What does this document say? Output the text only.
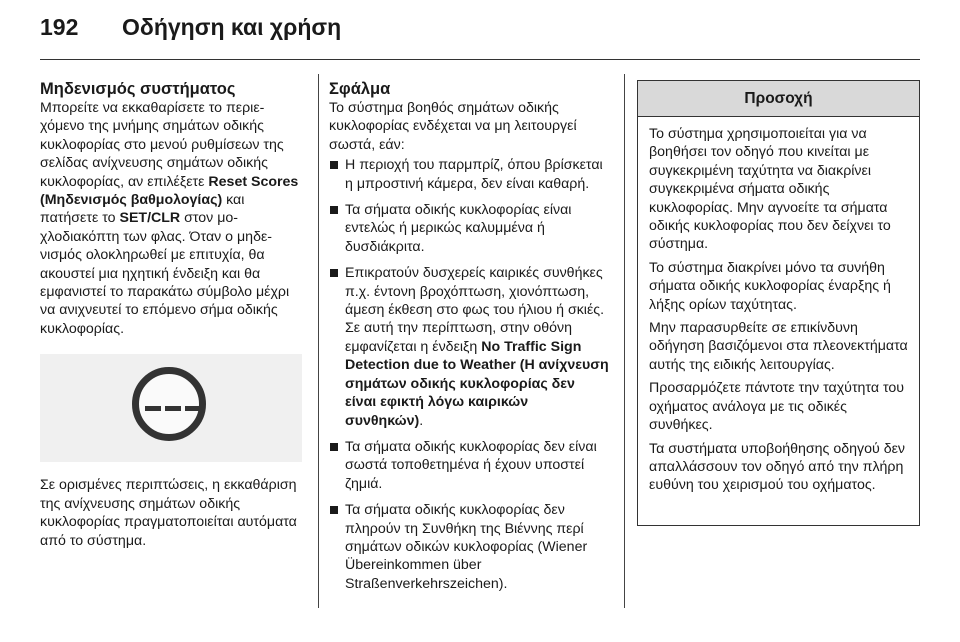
192 Οδήγηση και χρήση
Μηδενισμός συστήματος

Μπορείτε να εκκαθαρίσετε το περιεχόμενο της μνήμης σημάτων οδικής κυκλοφορίας στο μενού ρυθμίσεων της σελίδας ανίχνευσης σημάτων οδικής κυκλοφορίας, αν επιλέξετε Reset Scores (Μηδενισμός βαθμολογίας) και πατήσετε το SET/CLR στον μοχλοδιακόπτη των φλας. Όταν ο μηδενισμός ολοκληρωθεί με επιτυχία, θα ακουστεί μια ηχητική ένδειξη και θα εμφανιστεί το παρακάτω σύμβολο μέχρι να ανιχνευτεί το επόμενο σήμα οδικής κυκλοφορίας.

Σε ορισμένες περιπτώσεις, η εκκαθάριση της ανίχνευσης σημάτων οδικής κυκλοφορίας πραγματοποιείται αυτόματα από το σύστημα.

Σφάλμα

Το σύστημα βοηθός σημάτων οδικής κυκλοφορίας ενδέχεται να μη λειτουργεί σωστά, εάν:

Η περιοχή του παρμπρίζ, όπου βρίσκεται η μπροστινή κάμερα, δεν είναι καθαρή.
Τα σήματα οδικής κυκλοφορίας είναι εντελώς ή μερικώς καλυμμένα ή δυσδιάκριτα.
Επικρατούν δυσχερείς καιρικές συνθήκες π.χ. έντονη βροχόπτωση, χιονόπτωση, άμεση έκθεση στο φως του ήλιου ή σκιές. Σε αυτή την περίπτωση, στην οθόνη εμφανίζεται η ένδειξη No Traffic Sign Detection due to Weather (Η ανίχνευση σημάτων οδικής κυκλοφορίας δεν είναι εφικτή λόγω καιρικών συνθηκών).
Τα σήματα οδικής κυκλοφορίας δεν είναι σωστά τοποθετημένα ή έχουν υποστεί ζημιά.
Τα σήματα οδικής κυκλοφορίας δεν πληρούν τη Συνθήκη της Βιέννης περί σημάτων οδικών κυκλοφορίας (Wiener Übereinkommen über Straßenverkehrszeichen).
Προσοχή

Το σύστημα χρησιμοποιείται για να βοηθήσει τον οδηγό που κινείται με συγκεκριμένη ταχύτητα να διακρίνει συγκεκριμένα σήματα οδικής κυκλοφορίας. Μην αγνοείτε τα σήματα οδικής κυκλοφορίας που δεν δείχνει το σύστημα.

Το σύστημα διακρίνει μόνο τα συνήθη σήματα οδικής κυκλοφορίας έναρξης ή λήξης ορίων ταχύτητας.

Μην παρασυρθείτε σε επικίνδυνη οδήγηση βασιζόμενοι στα πλεονεκτήματα αυτής της ειδικής λειτουργίας.

Προσαρμόζετε πάντοτε την ταχύτητα του οχήματος ανάλογα με τις οδικές συνθήκες.

Τα συστήματα υποβοήθησης οδηγού δεν απαλλάσσουν τον οδηγό από την πλήρη ευθύνη του χειρισμού του οχήματος.
